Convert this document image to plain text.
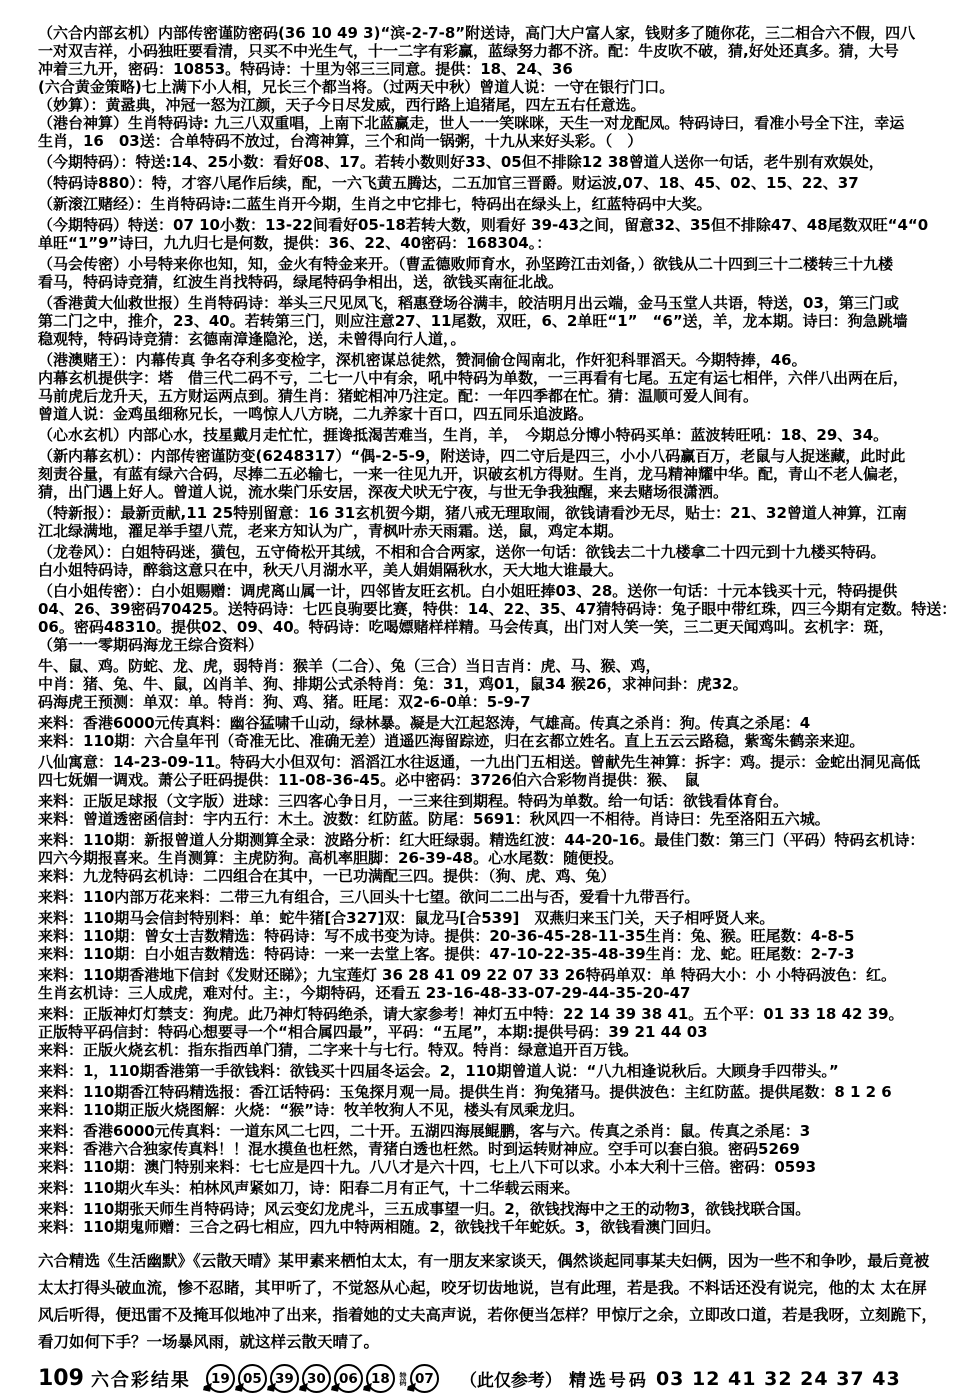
（六合内部玄机）内部传密谨防密码(36 10 49 3)“滨-2-7-8”附送诗，高门大户富人家，钱财多了随你花，三二相合六不假，四八
一对双吉祥，小码独旺要看清，只买不中光生气，十一二字有彩赢，蓝绿努力都不济。配：牛皮吹不破，猜,好处还真多。猜，大号
冲着三九开，密码：10853。特码诗：十里为邻三三同意。提供：18、24、36
(六合黄金策略)七上满下小人相，兄长三个都当将。（过两天中秋）曾道人说：一守在银行门口。
（妙算）：黄盝典，冲冠一怒为江颜，天子今日尽发威，西行路上追猪尾，四左五右任意选。
（港台神算）生肖特码诗: 九三八双重唱，上南下北蓝赢走，世人一一笑咪咪，天生一对龙配凤。特码诗曰，看准小号全下注，幸运
生肖，16　03送：合单特码不放过，台湾神算，三个和尚一锅粥，十九从来好头彩。（　）
（今期特码）：特送:14、25小数：看好08、17。若转小数则好33、05但不排除12 38曾道人送你一句话，老牛别有欢娱处，
（特码诗880）：特，才容八尾作后续，配，一六飞黄五腾达，二五加官三晋爵。财运波,07、18、45、02、15、22、37
（新滚江赌经）：生肖特码诗:二蓝生肖开今期，生肖之中它排七，特码出在绿头上，红蓝特码中大奖。
（今期特码）特送：07 10小数：13-22间看好05-18若转大数，则看好 39-43之间，留意32、35但不排除47、48尾数双旺“4“0
单旺“1”9”诗曰，九九归七是何数，提供：36、22、40密码：168304。：
（马会传密）小号特来你也知，知，金火有特金来开。（曹孟德败师育水，孙坚跨江击刘备，）欲钱从二十四到三十二楼转三十九楼
看马，特码诗竞猜，红波生肖找特码，绿尾特码争相出，送，欲钱买南征北战。
（香港黄大仙救世报）生肖特码诗：举头三尺见凤飞，稻惠登场谷满丰，皎洁明月出云端，金马玉堂人共语，特送，03，第三门或
第二门之中，推介，23、40。若转第三门，则应注意27、11尾数，双旺，6、2单旺“1”　“6”送，羊，龙本期。诗曰：狗急跳墙
稳观特，特码诗竞猜：玄德南漳逢隐沦，送，未曾得向行人道，。
（港澳赌王）：内幕传真 争名夺利多变检字，深机密谋总徒然，赞洞偷仓闯南北，作奸犯科罪滔天。今期特捧，46。
内幕玄机提供字：塔　借三代二码不亏，二七一八中有余，吼中特码为单数，一三再看有七尾。五定有运七相伴，六伴八出两在后，
马前虎后龙升天，五方财运两点到。猜生肖：猪蛇相冲乃注定。配：一年四季都在忙。猜：温顺可爱人间有。
曾道人说：金鸡虽细称兄长，一鸣惊人八方晓，二九养家十百口，四五同乐追波路。
（心水玄机）内部心水，技星戴月走忙忙，捱谗抵渴苦难当，生肖，羊，　今期总分博小特码买单：蓝波转旺吼：18、29、34。
（新内幕玄机）：内部传密谨防变(6248317）“偶-2-5-9，附送诗，四二守后是四三，小小八码赢百万，老鼠与人捉迷藏，此时此
刻责谷量，有蓝有绿六合码，尽捧二五必输七，一来一往见九开，识破玄机方得财。生肖，龙马精神耀中华。配，青山不老人偏老，
猜，出门遇上好人。曾道人说，流水柴门乐安居，深夜犬吠无宁夜，与世无争我独醒，来去赌场很潇洒。
（特新报）：最新贡献,11 25特别留意：16 31玄机贺今期，猪八戒无理取闹，欲钱请看沙无尽，贴士：21、32曾道人神算，江南
江北绿满地，濯足举手望八荒，老来方知认为广，青枫叶赤天雨霜。送，鼠，鸡定本期。
（龙卷风）：白姐特码迷，獚包，五守倚松开其绒，不相和合合两家，送你一句话：欲钱去二十九楼拿二十四元到十九楼买特码。
白小姐特码诗，醉翁这意只在中，秋天八月湖水平，美人娟娟隔秋水，天大地大谁最大。
（白小姐传密）：白小姐赐赠：调虎离山属一计，四邻皆友旺玄机。白小姐旺捧03、28。送你一句话：十元本钱买十元，特码提供
04、26、39密码70425。送特码诗：七匹良驹要比赛，特供：14、22、35、47猜特码诗：兔子眼中带红珠，四三今期有定数。特送：
06。密码48310。提供02、09、40。特码诗：吃喝嫖赌样样精。马会传真，出门对人笑一笑，三二更天闻鸡叫。玄机字：斑，
（第一一零期码海龙王综合资料）
牛、鼠、鸡。防蛇、龙、虎，弱特肖：猴羊（二合）、兔（三合）当日吉肖：虎、马、猴、鸡，
中肖：猪、兔、牛、鼠，凶肖羊、狗、排期公式杀特肖：兔：31，鸡01，鼠34 猴26，求神问卦：虎32。
码海虎王预测：单双：单。特肖：狗、鸡、猪。旺尾：双2-6-0单：5-9-7
来料：香港6000元传真料：幽谷猛啸千山动，绿林暴。凝是大江起怒涛，气雄高。传真之杀肖：狗。传真之杀尾：4
来料：110期：六合皇年刊（奇准无比、准确无差）逍遥匹海留踪迹，归在玄都立姓名。直上五云云路稳，紫鸾朱鹤亲来迎。
八仙寓意：14-23-09-11。特码大小但双句：滔滔江水往返通，一九出门五相送。曾献先生神算：拆字：鸡。提示：金蛇出洞见高低
四七妩媚一调戏。萧公子旺码提供：11-08-36-45。必中密码：3726伯六合彩物肖提供：猴、　鼠
来料：正版足球报（文字版）进球：三四客心争日月，一三来往到期程。特码为单数。给一句话：欲钱看体育台。
来料：曾道透密函信封：宇内五行：木土。波数：红防蓝。防尾：5691：秋风四一不相待。肖诗曰：先至洛阳五六城。
来料：110期：新报曾道人分期测算全录：波路分析：红大旺绿弱。精选红波：44-20-16。最佳门数：第三门（平码）特码玄机诗：
四六今期报喜来。生肖测算：主虎防狗。高机率胆脚：26-39-48。心水尾数：随便投。
来料：九龙特码玄机诗：二四组合在其中，一已功满配三四。提供：（狗、虎、鸡、兔）
来料：110内部万花来料：二带三九有组合，三八回头十七望。欲问二二出与否，爱看十九带吾行。
来料：110期马会信封特别料：单：蛇牛猪[合327]双：鼠龙马[合539]　双燕归来玉门关，天子相呼贤人来。
来料：110期：曾女士吉数精选：特码诗：写不成书变为诗。提供：20-36-45-28-11-35生肖：兔、猴。旺尾数：4-8-5
来料：110期：白小姐吉数精选：特码诗：一来一去堂上客。提供：47-10-22-35-48-39生肖：龙、蛇。旺尾数：2-7-3
来料：110期香港地下信封《发财还睇》；九宝莲灯 36 28 41 09 22 07 33 26特码单双：单 特码大小：小 小特码波色：红。
生肖玄机诗：三人成虎，难对付。主：，今期特码，还看五 23-16-48-33-07-29-44-35-20-47
来料：正版神灯灯禁支：狗虎。此乃神灯特码绝杀，请大家参考！神灯五中特：22 14 39 38 41。五个平：01 33 18 42 39。
正版特平码信封：特码心想要寻一个“相合属四最”，平码：“五尾”，本期:提供号码：39 21 44 03
来料：正版火烧玄机：指东指西单门猜，二字来十与七行。特双。特肖：绿意追开百万钱。
来料：1，110期香港第一手欲钱料：欲钱买十四届冬运会。2，110期曾道人说：“八九相逢说秋后。大顾身手四带头。”
来料：110期香江特码精选报：香江话特码：玉兔探月观一局。提供生肖：狗兔猪马。提供波色：主红防蓝。提供尾数：8 1 2 6
来料：110期正版火烧图解：火烧：“猴”诗：牧羊牧狗人不见，楼头有凤乘龙归。
来料：香港6000元传真料：一道东风二七四，二十开。五湖四海展鲲鹏，客与六。传真之杀肖：鼠。传真之杀尾：3
来料：香港六合独家传真料！！混水摸鱼也枉然，青猪白透也枉然。时到运转财神应。空手可以套白狼。密码5269
来料：110期：澳门特别来料：七七应是四十九。八八才是六十四，七上八下可以求。小本大利十三倍。密码：0593
来料：110期火车头：柏林风声紧如刀，诗：阳春二月有正气，十二华载云雨来。
来料：110期张天师生肖特码诗；风云变幻龙虎斗，三五成事望一归。2，欲钱找海中之王的动物3，欲钱找联合国。
来料：110期鬼师赠：三合之码七相应，四九中特两相随。2，欲钱找千年蛇妖。3，欲钱看澳门回归。
六合精选《生活幽默》《云散天晴》某甲素来栖怕太太，有一朋友来家谈天，偶然谈起同事某夫妇俩，因为一些不和争吵，最后竟被
太太打得头破血流，惨不忍睹，其甲听了，不觉怒从心起，咬牙切齿地说，岂有此理，若是我。不料话还没有说完，他的太 太在屏
风后听得，便迅雷不及掩耳似地冲了出来，指着她的丈夫高声说，若你便当怎样？甲惊厅之余，立即改口道，若是我呀，立刻跪下，
看刀如何下手？一场暴风雨，就这样云散天晴了。
109 六合彩结果	19 05 39 30 06 18	特码 07	（此仅参考） 精选号码 03 12 41 32 24 37 43
